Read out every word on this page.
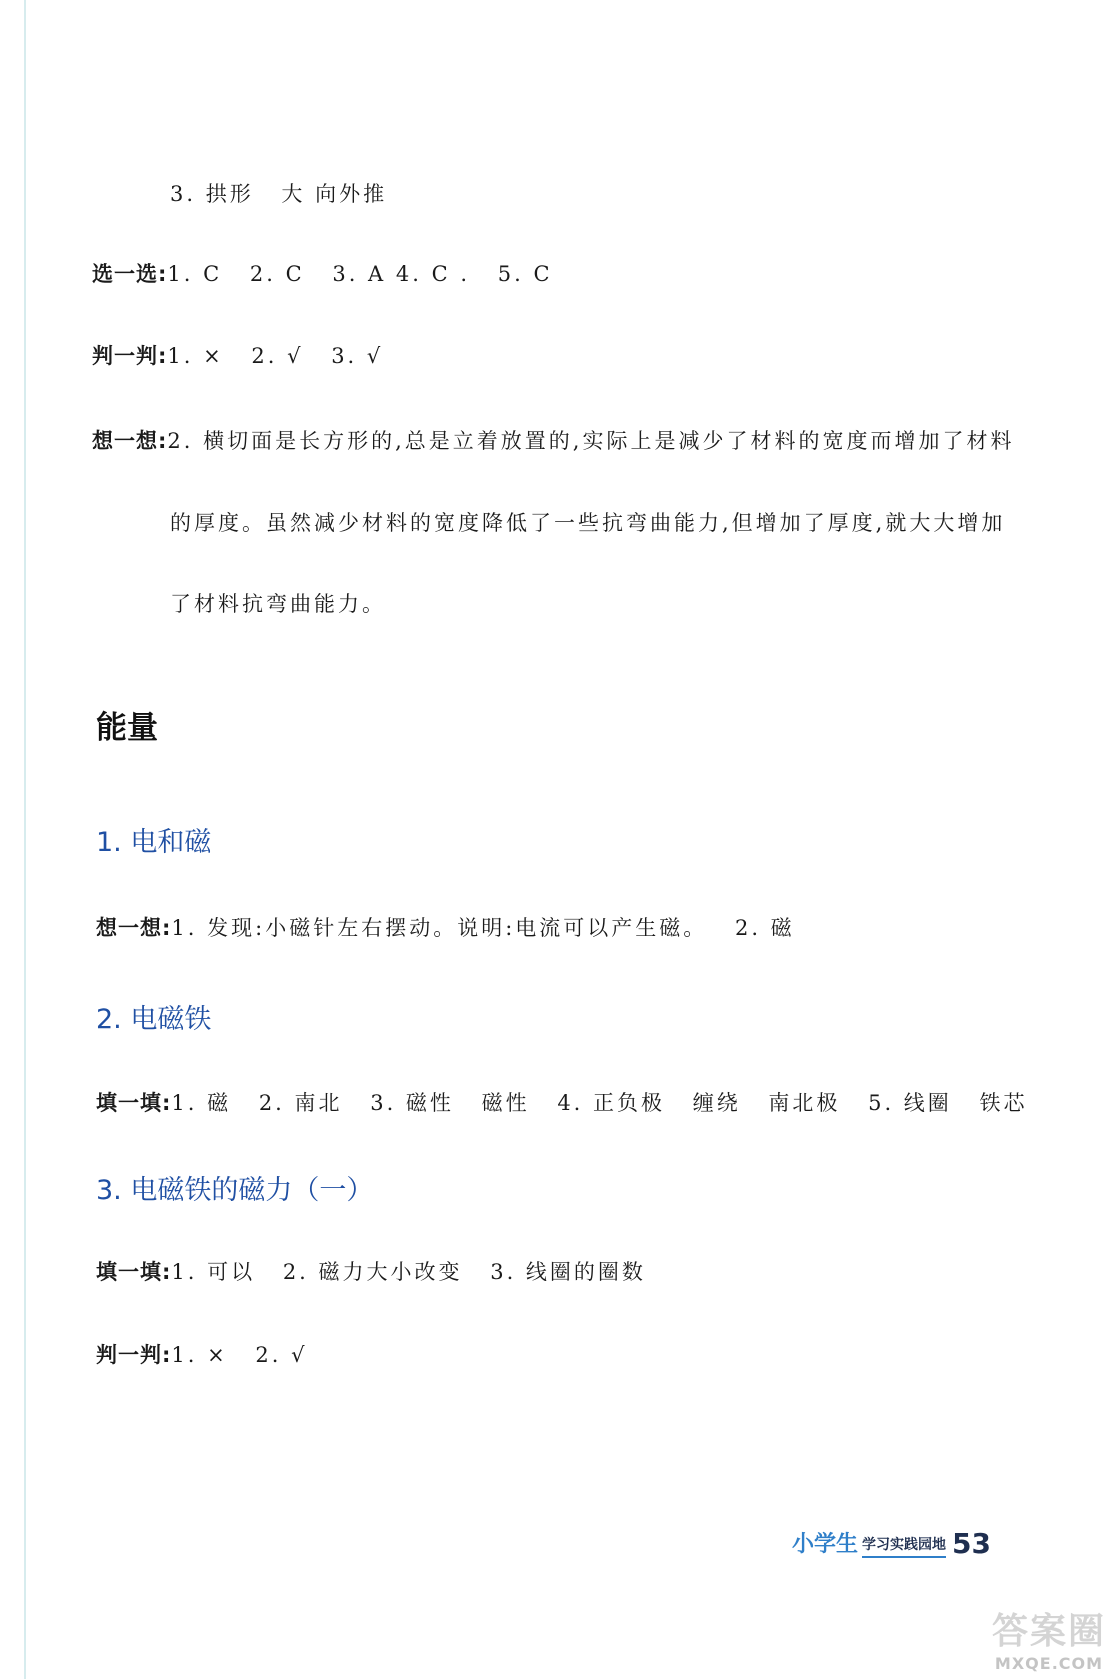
3. 拱形 大 向外推
选一选:1. C 2. C 3. A 4. C . 5. C
判一判:1. × 2. √ 3. √
想一想:2. 横切面是长方形的,总是立着放置的,实际上是减少了材料的宽度而增加了材料
的厚度。虽然减少材料的宽度降低了一些抗弯曲能力,但增加了厚度,就大大增加
了材料抗弯曲能力。
能量
1. 电和磁
想一想:1. 发现:小磁针左右摆动。说明:电流可以产生磁。 2. 磁
2. 电磁铁
填一填:1. 磁 2. 南北 3. 磁性 磁性 4. 正负极 缠绕 南北极 5. 线圈 铁芯
3. 电磁铁的磁力（一）
填一填:1. 可以 2. 磁力大小改变 3. 线圈的圈数
判一判:1. × 2. √
小学生 学习实践园地 53
答案圈
MXQE.COM
